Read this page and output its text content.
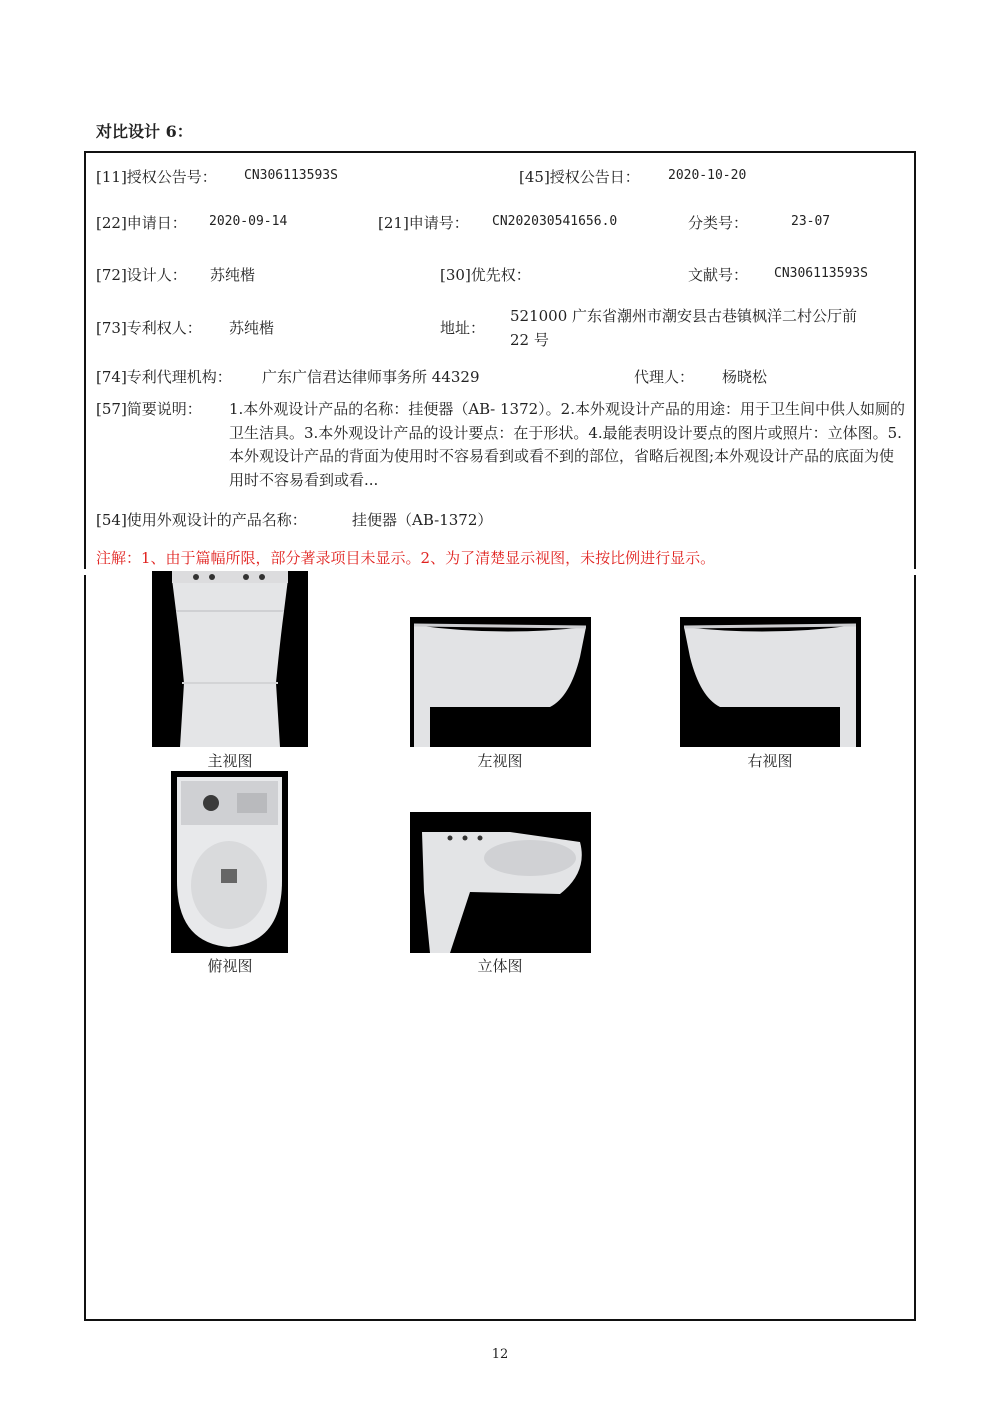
对比设计 6：
[11]授权公告号： CN306113593S	[45]授权公告日： 2020-10-20
[22]申请日： 2020-09-14	[21]申请号： CN202030541656.0	分类号：	23-07
[72]设计人： 苏纯楷	[30]优先权：	文献号： CN306113593S
[73]专利权人： 苏纯楷	地址：
521000 广东省潮州市潮安县古巷镇枫洋二村公厅前
22 号
[74]专利代理机构： 广东广信君达律师事务所 44329	代理人： 杨晓松
[57]简要说明： 1.本外观设计产品的名称：挂便器（AB‐ 1372）。2.本外观设计产品的用途：用于卫生间中供人如厕的卫生洁具。3.本外观设计产品的设计要点：在于形状。4.最能表明设计要点的图片或照片：立体图。5.本外观设计产品的背面为使用时不容易看到或看不到的部位，省略后视图;本外观设计产品的底面为使用时不容易看到或看...
[54]使用外观设计的产品名称：	挂便器（AB-1372）
注解：1、由于篇幅所限，部分著录项目未显示。2、为了清楚显示视图，未按比例进行显示。
主视图	左视图	右视图
俯视图	立体图
12
